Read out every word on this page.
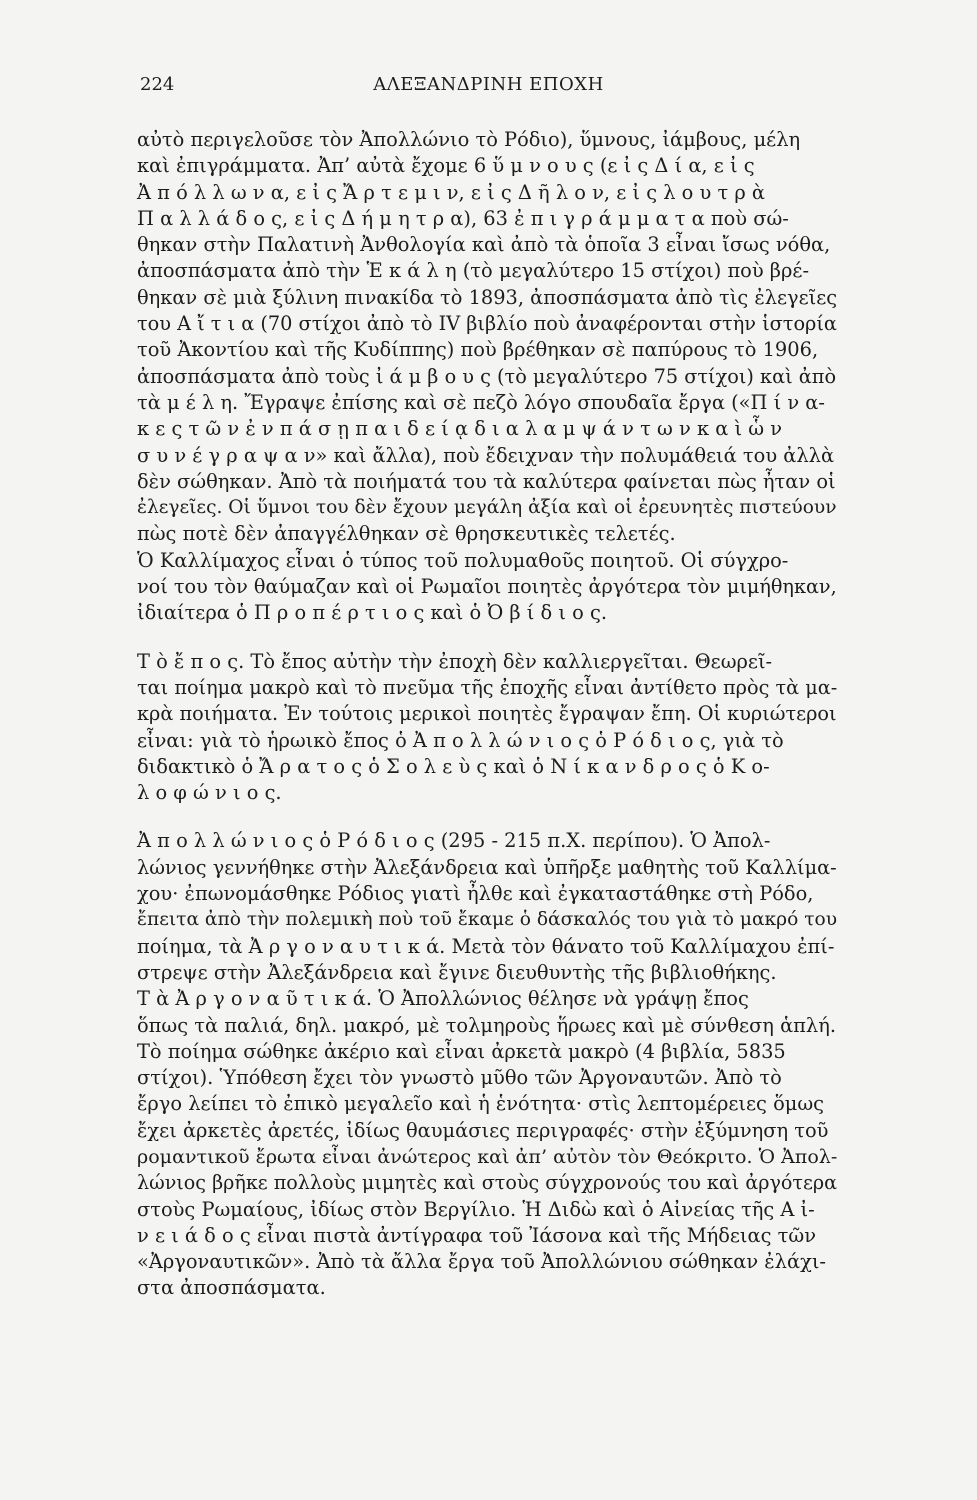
224	ΑΛΕΞΑΝΔΡΙΝΗ ΕΠΟΧΗ
αὐτὸ περιγελοῦσε τὸν Ἀπολλώνιο τὸ Ρόδιο), ὕμνους, ἰάμβους, μέλη
καὶ ἐπιγράμματα. Ἀπ’ αὐτὰ ἔχομε 6 ὕ μ ν ο υ ς (ε ἰ ς Δ ί α, ε ἰ ς
Ἀ π ό λ λ ω ν α, ε ἰ ς Ἄ ρ τ ε μ ι ν, ε ἰ ς Δ ῆ λ ο ν, ε ἰ ς λ ο υ τ ρ ὰ
Π α λ λ ά δ ο ς, ε ἰ ς Δ ή μ η τ ρ α), 63 ἐ π ι γ ρ ά μ μ α τ α ποὺ σώ-
θηκαν στὴν Παλατινὴ Ἀνθολογία καὶ ἀπὸ τὰ ὁποῖα 3 εἶναι ἴσως νόθα,
ἀποσπάσματα ἀπὸ τὴν Ἑ κ ά λ η (τὸ μεγαλύτερο 15 στίχοι) ποὺ βρέ-
θηκαν σὲ μιὰ ξύλινη πινακίδα τὸ 1893, ἀποσπάσματα ἀπὸ τὶς ἐλεγεῖες
του Α ἴ τ ι α (70 στίχοι ἀπὸ τὸ IV βιβλίο ποὺ ἀναφέρονται στὴν ἱστορία
τοῦ Ἀκοντίου καὶ τῆς Κυδίππης) ποὺ βρέθηκαν σὲ παπύρους τὸ 1906,
ἀποσπάσματα ἀπὸ τοὺς ἰ ά μ β ο υ ς (τὸ μεγαλύτερο 75 στίχοι) καὶ ἀπὸ
τὰ μ έ λ η. Ἔγραψε ἐπίσης καὶ σὲ πεζὸ λόγο σπουδαῖα ἔργα («Π ί ν α-
κ ε ς τ ῶ ν ἐ ν π ά σ ῃ π α ι δ ε ί ᾳ δ ι α λ α μ ψ ά ν τ ω ν κ α ὶ ὧ ν
σ υ ν έ γ ρ α ψ α ν» καὶ ἄλλα), ποὺ ἔδειχναν τὴν πολυμάθειά του ἀλλὰ
δὲν σώθηκαν. Ἀπὸ τὰ ποιήματά του τὰ καλύτερα φαίνεται πὼς ἦταν οἱ
ἐλεγεῖες. Οἱ ὕμνοι του δὲν ἔχουν μεγάλη ἀξία καὶ οἱ ἐρευνητὲς πιστεύουν
πὼς ποτὲ δὲν ἀπαγγέλθηκαν σὲ θρησκευτικὲς τελετές.
Ὁ Καλλίμαχος εἶναι ὁ τύπος τοῦ πολυμαθοῦς ποιητοῦ. Οἱ σύγχρο-
νοί του τὸν θαύμαζαν καὶ οἱ Ρωμαῖοι ποιητὲς ἀργότερα τὸν μιμήθηκαν,
ἰδιαίτερα ὁ Π ρ ο π έ ρ τ ι ο ς καὶ ὁ Ὀ β ί δ ι ο ς.
Τ ὸ ἔ π ο ς. Τὸ ἔπος αὐτὴν τὴν ἐποχὴ δὲν καλλιεργεῖται. Θεωρεῖ-
ται ποίημα μακρὸ καὶ τὸ πνεῦμα τῆς ἐποχῆς εἶναι ἀντίθετο πρὸς τὰ μα-
κρὰ ποιήματα. Ἐν τούτοις μερικοὶ ποιητὲς ἔγραψαν ἔπη. Οἱ κυριώτεροι
εἶναι: γιὰ τὸ ἡρωικὸ ἔπος ὁ Ἀ π ο λ λ ώ ν ι ο ς ὁ Ρ ό δ ι ο ς, γιὰ τὸ
διδακτικὸ ὁ Ἄ ρ α τ ο ς ὁ Σ ο λ ε ὺ ς καὶ ὁ Ν ί κ α ν δ ρ ο ς ὁ Κ ο-
λ ο φ ώ ν ι ο ς.
Ἀ π ο λ λ ώ ν ι ο ς ὁ Ρ ό δ ι ο ς (295 - 215 π.Χ. περίπου). Ὁ Ἀπολ-
λώνιος γεννήθηκε στὴν Ἀλεξάνδρεια καὶ ὑπῆρξε μαθητὴς τοῦ Καλλίμα-
χου· ἐπωνομάσθηκε Ρόδιος γιατὶ ἦλθε καὶ ἐγκαταστάθηκε στὴ Ρόδο,
ἔπειτα ἀπὸ τὴν πολεμικὴ ποὺ τοῦ ἔκαμε ὁ δάσκαλός του γιὰ τὸ μακρό του
ποίημα, τὰ Ἀ ρ γ ο ν α υ τ ι κ ά. Μετὰ τὸν θάνατο τοῦ Καλλίμαχου ἐπί-
στρεψε στὴν Ἀλεξάνδρεια καὶ ἔγινε διευθυντὴς τῆς βιβλιοθήκης.
Τ ὰ Ἀ ρ γ ο ν α ῦ τ ι κ ά. Ὁ Ἀπολλώνιος θέλησε νὰ γράψῃ ἔπος
ὅπως τὰ παλιά, δηλ. μακρό, μὲ τολμηροὺς ἥρωες καὶ μὲ σύνθεση ἁπλή.
Τὸ ποίημα σώθηκε ἀκέριο καὶ εἶναι ἀρκετὰ μακρὸ (4 βιβλία, 5835
στίχοι). Ὑπόθεση ἔχει τὸν γνωστὸ μῦθο τῶν Ἀργοναυτῶν. Ἀπὸ τὸ
ἔργο λείπει τὸ ἐπικὸ μεγαλεῖο καὶ ἡ ἑνότητα· στὶς λεπτομέρειες ὅμως
ἔχει ἀρκετὲς ἀρετές, ἰδίως θαυμάσιες περιγραφές· στὴν ἐξύμνηση τοῦ
ρομαντικοῦ ἔρωτα εἶναι ἀνώτερος καὶ ἀπ’ αὐτὸν τὸν Θεόκριτο. Ὁ Ἀπολ-
λώνιος βρῆκε πολλοὺς μιμητὲς καὶ στοὺς σύγχρονούς του καὶ ἀργότερα
στοὺς Ρωμαίους, ἰδίως στὸν Βεργίλιο. Ἡ Διδὼ καὶ ὁ Αἰνείας τῆς Α ἰ-
ν ε ι ά δ ο ς εἶναι πιστὰ ἀντίγραφα τοῦ Ἰάσονα καὶ τῆς Μήδειας τῶν
«Ἀργοναυτικῶν». Ἀπὸ τὰ ἄλλα ἔργα τοῦ Ἀπολλώνιου σώθηκαν ἐλάχι-
στα ἀποσπάσματα.
